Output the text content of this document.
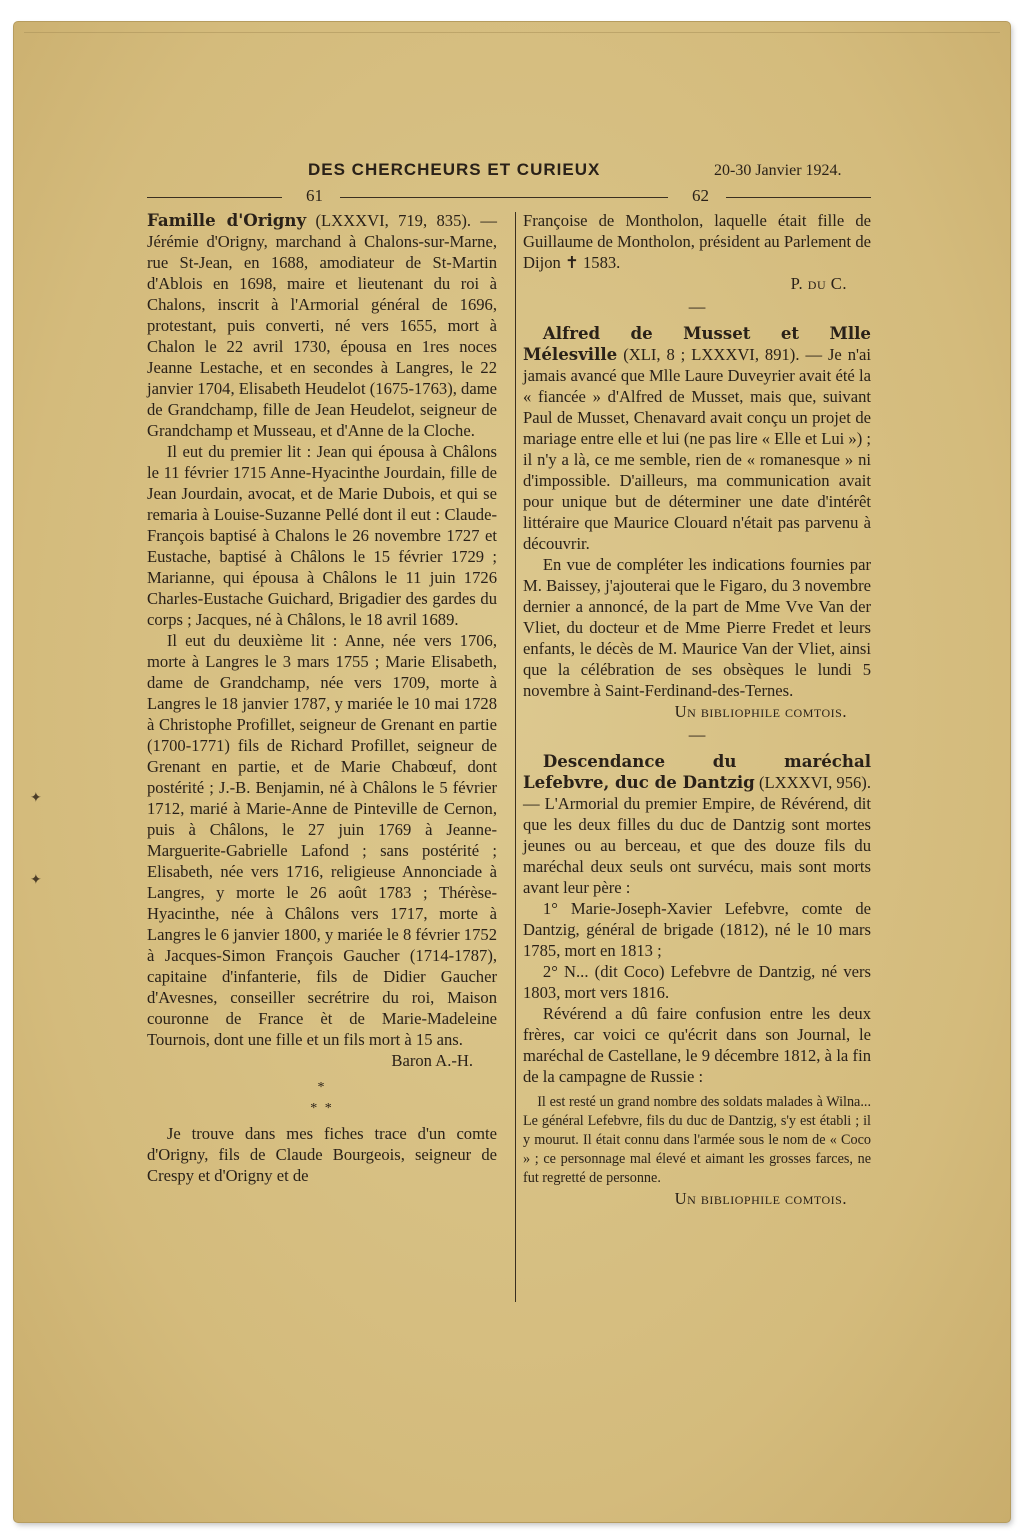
✦
✦
DES CHERCHEURS ET CURIEUX	20-30 Janvier 1924.
61	62

Famille d'Origny (LXXXVI, 719, 835). — Jérémie d'Origny, marchand à Chalons-sur-Marne, rue St-Jean, en 1688, amodiateur de St-Martin d'Ablois en 1698, maire et lieutenant du roi à Chalons, inscrit à l'Armorial général de 1696, protestant, puis converti, né vers 1655, mort à Chalon le 22 avril 1730, épousa en 1res noces Jeanne Lestache, et en secondes à Langres, le 22 janvier 1704, Elisabeth Heudelot (1675-1763), dame de Grandchamp, fille de Jean Heudelot, seigneur de Grandchamp et Musseau, et d'Anne de la Cloche.

Il eut du premier lit : Jean qui épousa à Châlons le 11 février 1715 Anne-Hyacinthe Jourdain, fille de Jean Jourdain, avocat, et de Marie Dubois, et qui se remaria à Louise-Suzanne Pellé dont il eut : Claude-François baptisé à Chalons le 26 novembre 1727 et Eustache, baptisé à Châlons le 15 février 1729 ; Marianne, qui épousa à Châlons le 11 juin 1726 Charles-Eustache Guichard, Brigadier des gardes du corps ; Jacques, né à Châlons, le 18 avril 1689.

Il eut du deuxième lit : Anne, née vers 1706, morte à Langres le 3 mars 1755 ; Marie Elisabeth, dame de Grandchamp, née vers 1709, morte à Langres le 18 janvier 1787, y mariée le 10 mai 1728 à Christophe Profillet, seigneur de Grenant en partie (1700-1771) fils de Richard Profillet, seigneur de Grenant en partie, et de Marie Chabœuf, dont postérité ; J.-B. Benjamin, né à Châlons le 5 février 1712, marié à Marie-Anne de Pinteville de Cernon, puis à Châlons, le 27 juin 1769 à Jeanne-Marguerite-Gabrielle Lafond ; sans postérité ; Elisabeth, née vers 1716, religieuse Annonciade à Langres, y morte le 26 août 1783 ; Thérèse-Hyacinthe, née à Châlons vers 1717, morte à Langres le 6 janvier 1800, y mariée le 8 février 1752 à Jacques-Simon François Gaucher (1714-1787), capitaine d'infanterie, fils de Didier Gaucher d'Avesnes, conseiller secrétrire du roi, Maison couronne de France èt de Marie-Madeleine Tournois, dont une fille et un fils mort à 15 ans.

Baron A.-H.

*
* *

Je trouve dans mes fiches trace d'un comte d'Origny, fils de Claude Bourgeois, seigneur de Crespy et d'Origny et de

Françoise de Montholon, laquelle était fille de Guillaume de Montholon, président au Parlement de Dijon ✝ 1583.

P. du C.

—

Alfred de Musset et Mlle Mélesville (XLI, 8 ; LXXXVI, 891). — Je n'ai jamais avancé que Mlle Laure Duveyrier avait été la « fiancée » d'Alfred de Musset, mais que, suivant Paul de Musset, Chenavard avait conçu un projet de mariage entre elle et lui (ne pas lire « Elle et Lui ») ; il n'y a là, ce me semble, rien de « romanesque » ni d'impossible. D'ailleurs, ma communication avait pour unique but de déterminer une date d'intérêt littéraire que Maurice Clouard n'était pas parvenu à découvrir.

En vue de compléter les indications fournies par M. Baissey, j'ajouterai que le Figaro, du 3 novembre dernier a annoncé, de la part de Mme Vve Van der Vliet, du docteur et de Mme Pierre Fredet et leurs enfants, le décès de M. Maurice Van der Vliet, ainsi que la célébration de ses obsèques le lundi 5 novembre à Saint-Ferdinand-des-Ternes.

Un bibliophile comtois.

—

Descendance du maréchal Lefebvre, duc de Dantzig (LXXXVI, 956). — L'Armorial du premier Empire, de Révérend, dit que les deux filles du duc de Dantzig sont mortes jeunes ou au berceau, et que des douze fils du maréchal deux seuls ont survécu, mais sont morts avant leur père :

1° Marie-Joseph-Xavier Lefebvre, comte de Dantzig, général de brigade (1812), né le 10 mars 1785, mort en 1813 ;

2° N... (dit Coco) Lefebvre de Dantzig, né vers 1803, mort vers 1816.

Révérend a dû faire confusion entre les deux frères, car voici ce qu'écrit dans son Journal, le maréchal de Castellane, le 9 décembre 1812, à la fin de la campagne de Russie :

Il est resté un grand nombre des soldats malades à Wilna... Le général Lefebvre, fils du duc de Dantzig, s'y est établi ; il y mourut. Il était connu dans l'armée sous le nom de « Coco » ; ce personnage mal élevé et aimant les grosses farces, ne fut regretté de personne.

Un bibliophile comtois.
